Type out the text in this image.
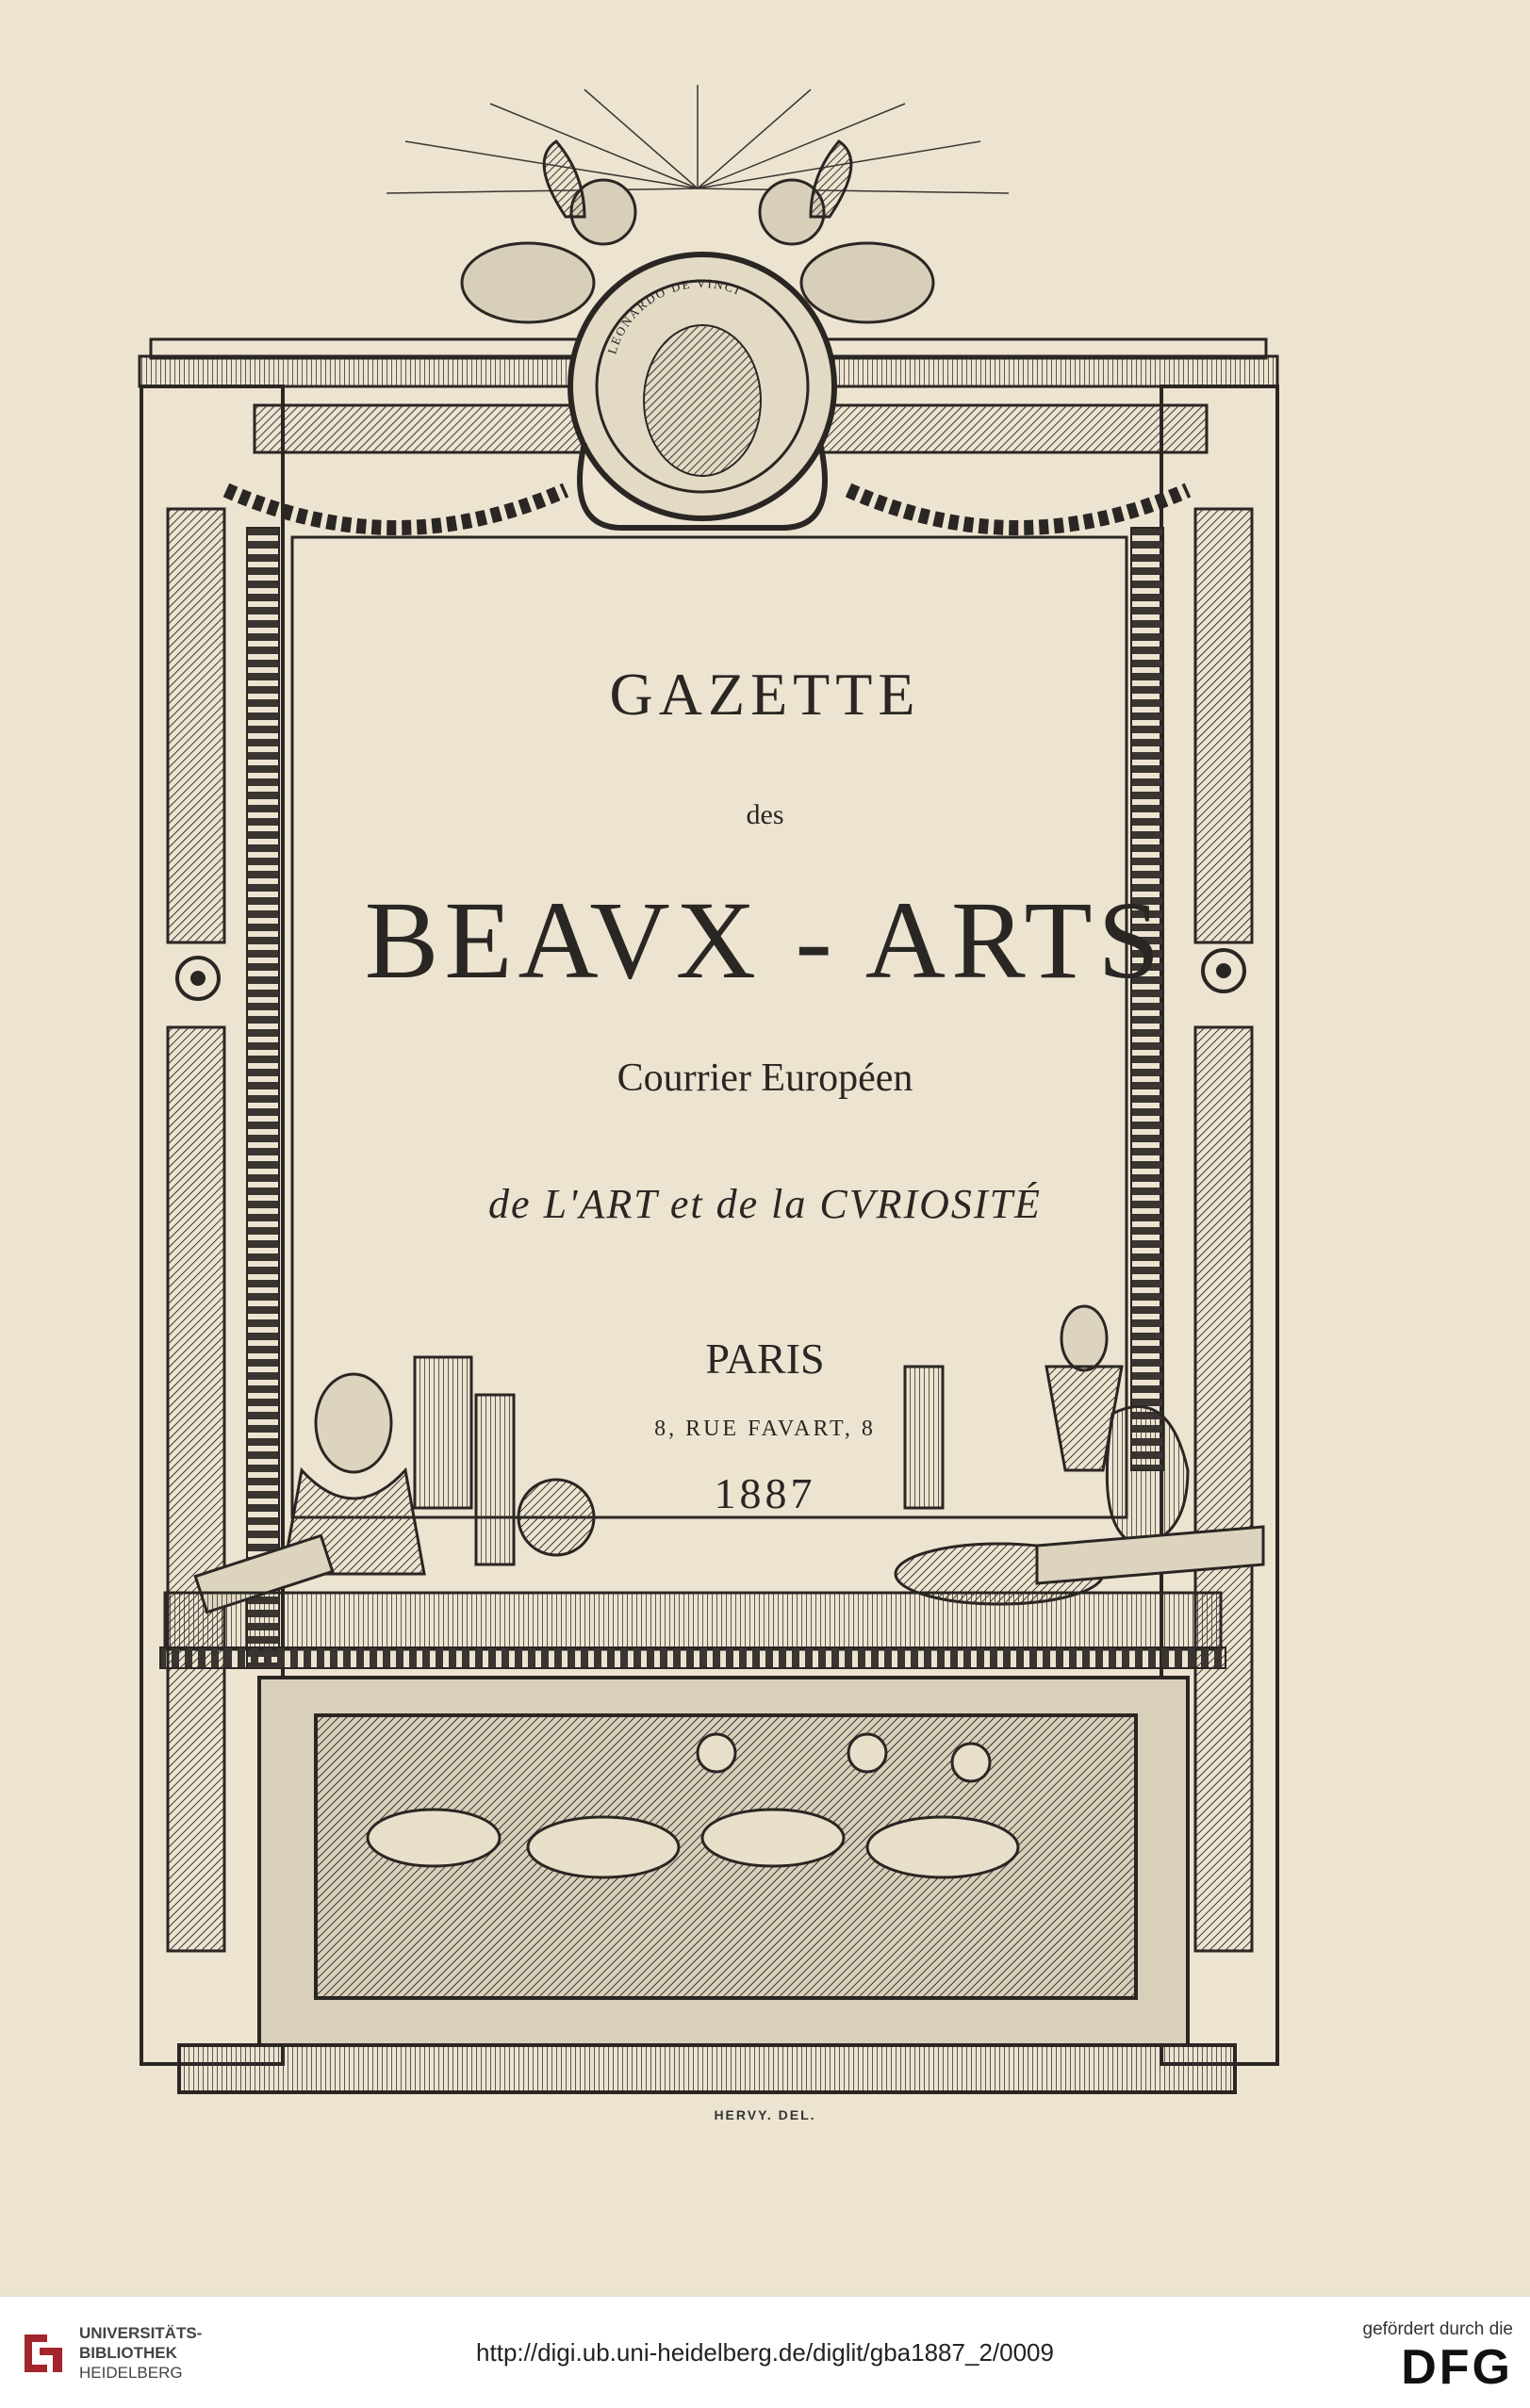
LEONARDO DE VINCI
GAZETTE
des
BEAVX - ARTS
Courrier Européen
de L'ART et de la CVRIOSITÉ
PARIS
8, RUE FAVART, 8
1887
HERVY. DEL.
UNIVERSITÄTS-
BIBLIOTHEK
HEIDELBERG
http://digi.ub.uni-heidelberg.de/diglit/gba1887_2/0009
gefördert durch die
DFG
